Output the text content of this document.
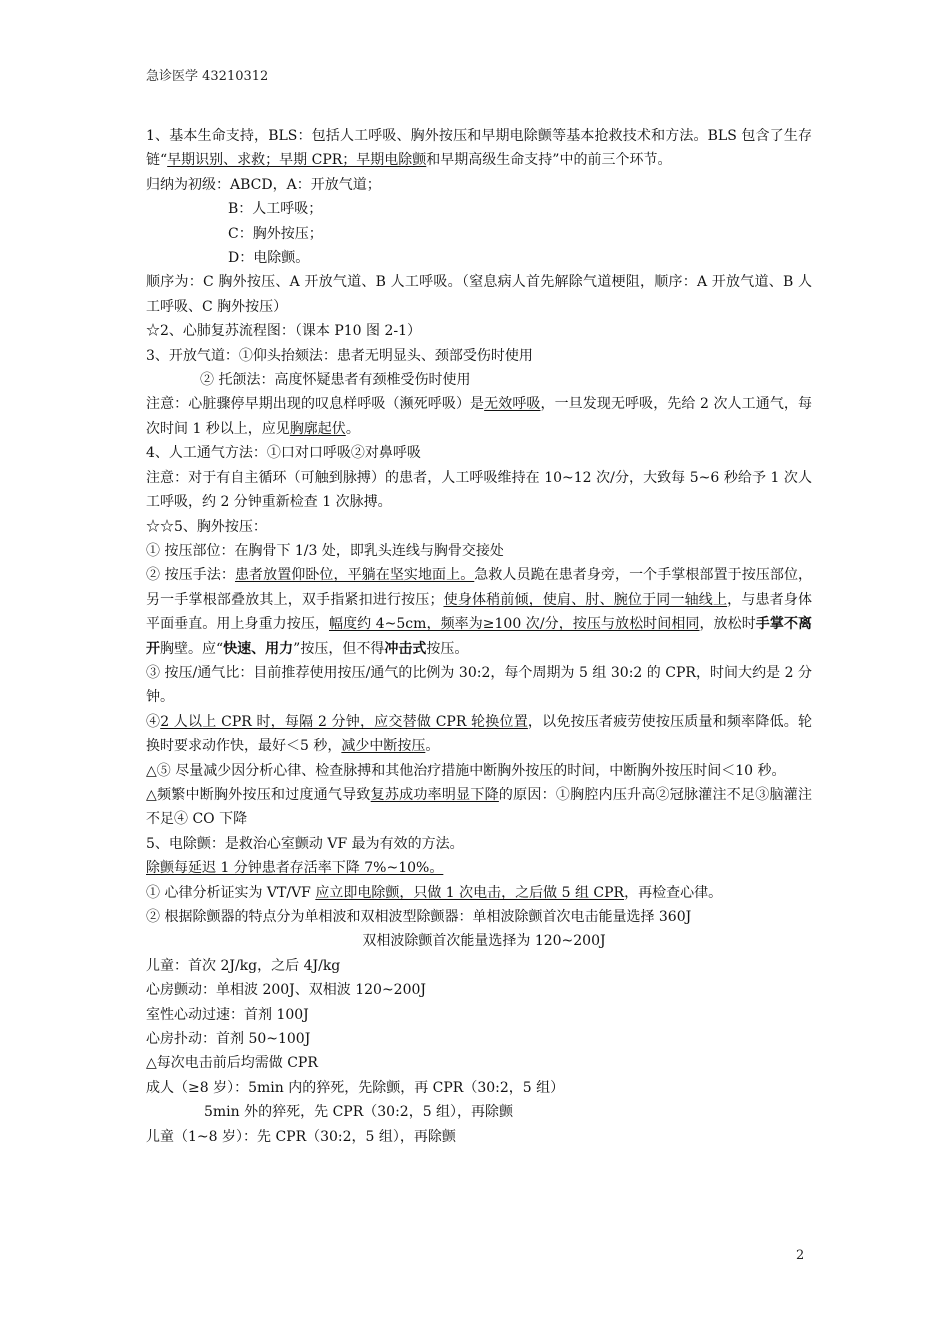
急诊医学 43210312

1、基本生命支持，BLS：包括人工呼吸、胸外按压和早期电除颤等基本抢救技术和方法。BLS 包含了生存链“早期识别、求救；早期 CPR；早期电除颤和早期高级生命支持”中的前三个环节。

归纳为初级：ABCD，A：开放气道；

B：人工呼吸；

C：胸外按压；

D：电除颤。

顺序为：C 胸外按压、A 开放气道、B 人工呼吸。（窒息病人首先解除气道梗阻，顺序：A 开放气道、B 人工呼吸、C 胸外按压）

☆2、心肺复苏流程图：（课本 P10 图 2-1）

3、开放气道：①仰头抬颏法：患者无明显头、颈部受伤时使用

② 托颌法：高度怀疑患者有颈椎受伤时使用

注意：心脏骤停早期出现的叹息样呼吸（濒死呼吸）是无效呼吸，一旦发现无呼吸，先给 2 次人工通气，每次时间 1 秒以上，应见胸廓起伏。

4、人工通气方法：①口对口呼吸②对鼻呼吸

注意：对于有自主循环（可触到脉搏）的患者，人工呼吸维持在 10~12 次/分，大致每 5~6 秒给予 1 次人工呼吸，约 2 分钟重新检查 1 次脉搏。

☆☆5、胸外按压：

① 按压部位：在胸骨下 1/3 处，即乳头连线与胸骨交接处

② 按压手法：患者放置仰卧位，平躺在坚实地面上。急救人员跪在患者身旁，一个手掌根部置于按压部位，另一手掌根部叠放其上，双手指紧扣进行按压；使身体稍前倾，使肩、肘、腕位于同一轴线上，与患者身体平面垂直。用上身重力按压，幅度约 4~5cm，频率为≥100 次/分，按压与放松时间相同，放松时手掌不离开胸壁。应“快速、用力”按压，但不得冲击式按压。

③ 按压/通气比：目前推荐使用按压/通气的比例为 30:2，每个周期为 5 组 30:2 的 CPR，时间大约是 2 分钟。

④2 人以上 CPR 时，每隔 2 分钟，应交替做 CPR 轮换位置，以免按压者疲劳使按压质量和频率降低。轮换时要求动作快，最好＜5 秒，减少中断按压。

△⑤ 尽量减少因分析心律、检查脉搏和其他治疗措施中断胸外按压的时间，中断胸外按压时间＜10 秒。

△频繁中断胸外按压和过度通气导致复苏成功率明显下降的原因：①胸腔内压升高②冠脉灌注不足③脑灌注不足④ CO 下降

5、电除颤：是救治心室颤动 VF 最为有效的方法。

除颤每延迟 1 分钟患者存活率下降 7%~10%。

① 心律分析证实为 VT/VF 应立即电除颤，只做 1 次电击，之后做 5 组 CPR，再检查心律。

② 根据除颤器的特点分为单相波和双相波型除颤器：单相波除颤首次电击能量选择 360J

双相波除颤首次能量选择为 120~200J

儿童：首次 2J/kg，之后 4J/kg

心房颤动：单相波 200J、双相波 120~200J

室性心动过速：首剂 100J

心房扑动：首剂 50~100J

△每次电击前后均需做 CPR

成人（≥8 岁）：5min 内的猝死，先除颤，再 CPR（30:2，5 组）

5min 外的猝死，先 CPR（30:2，5 组），再除颤

儿童（1~8 岁）：先 CPR（30:2，5 组），再除颤

2
